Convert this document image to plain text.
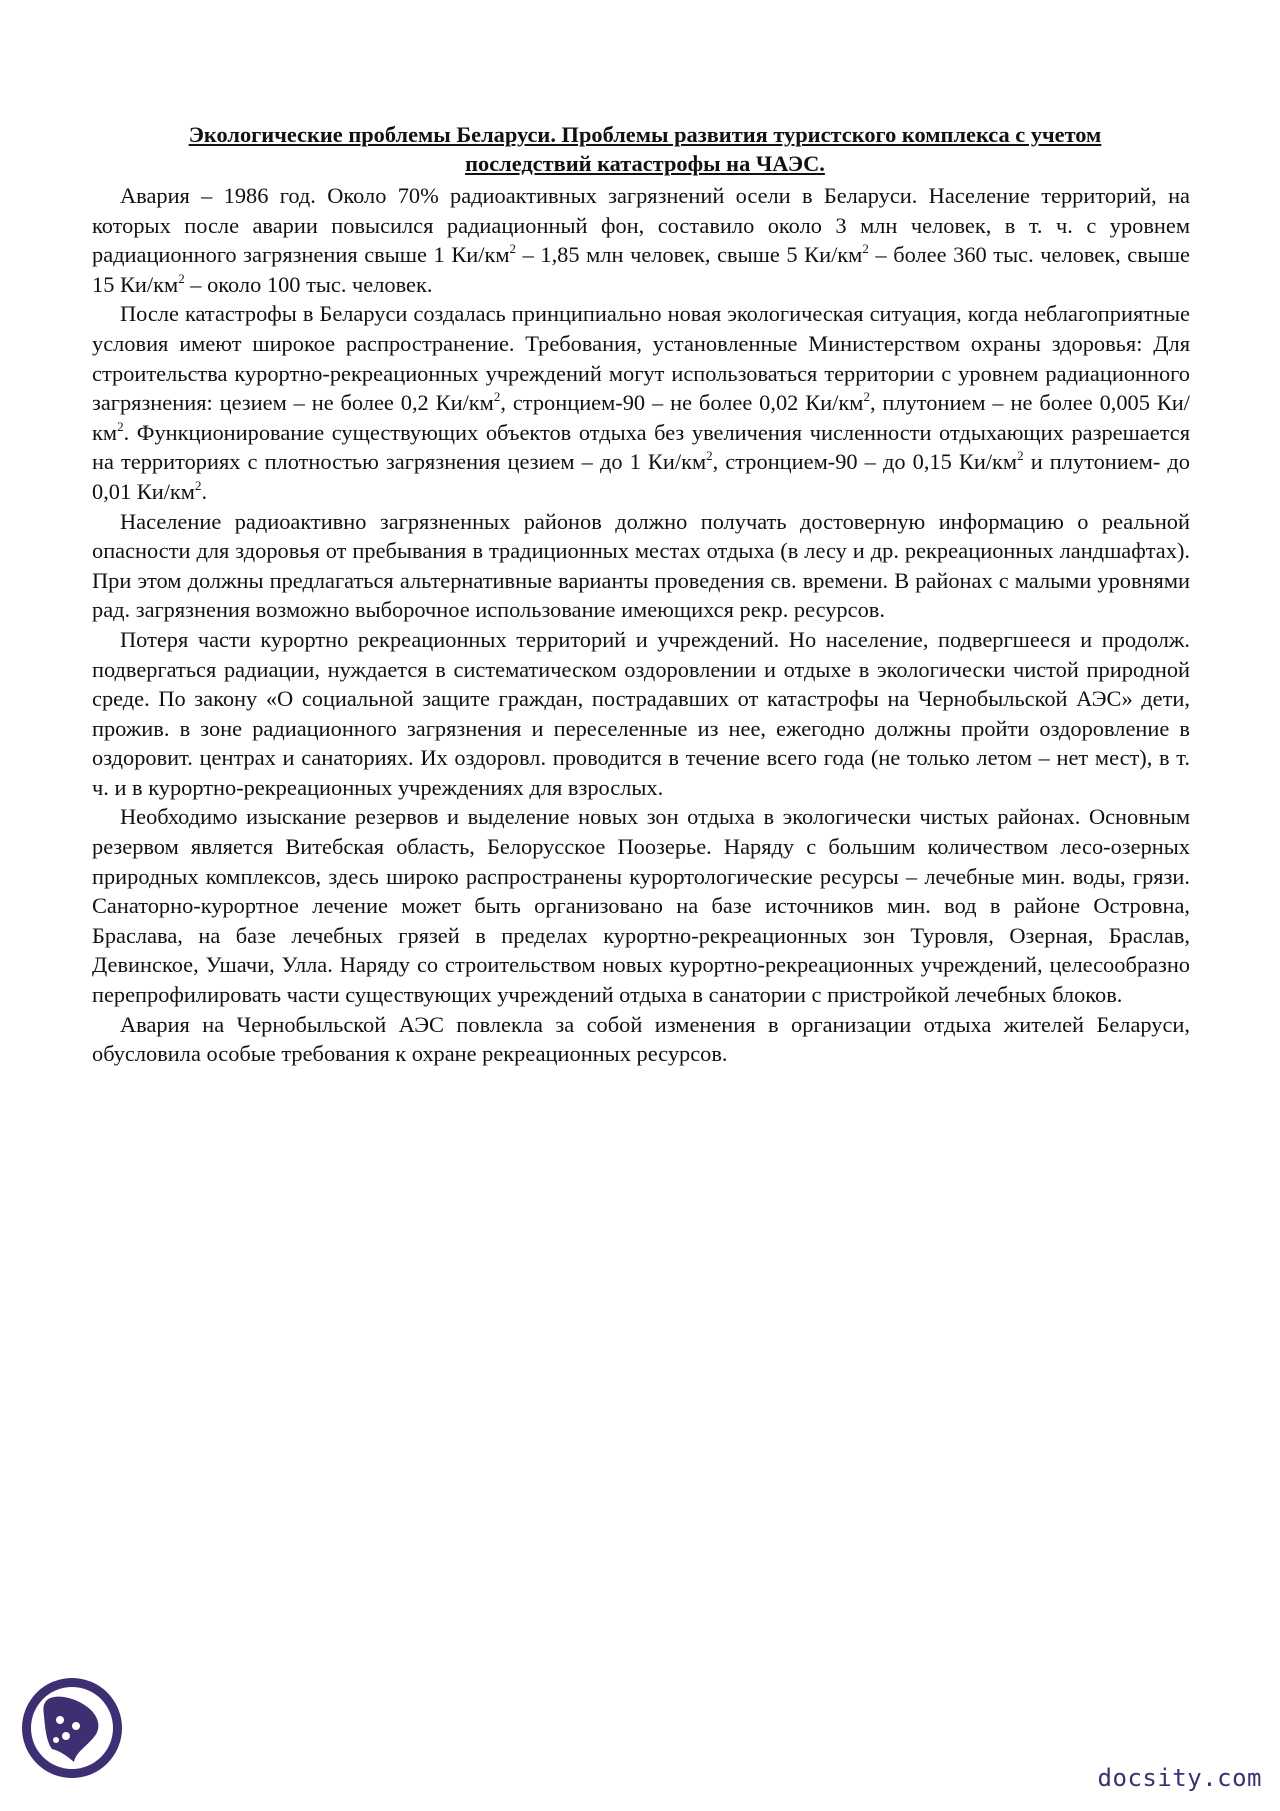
Экологические проблемы Беларуси. Проблемы развития туристского комплекса с учетом последствий катастрофы на ЧАЭС.

Авария – 1986 год. Около 70% радиоактивных загрязнений осели в Беларуси. Население территорий, на которых после аварии повысился радиационный фон, составило около 3 млн человек, в т. ч. с уровнем радиационного загрязнения свыше 1 $Ки/км^2 - 1,85$ млн человек, свыше 5 $Ки/км^2$ – более 360 тыс. человек, свыше 15 $Ки/км^2$ – около 100 тыс. человек.

После катастрофы в Беларуси создалась принципиально новая экологическая ситуация, когда неблагоприятные условия имеют широкое распространение. Требования, установленные Министерством охраны здоровья: Для строительства курортно-рекреационных учреждений могут использоваться территории с уровнем радиационного загрязнения: цезием – не более 0,2 $Ки/км^2$, стронцием-90 – не более 0,02 $Ки/км^2$, плутонием – не более 0,005 $Ки/км^2$. Функционирование существующих объектов отдыха без увеличения численности отдыхающих разрешается на территориях с плотностью загрязнения цезием – до 1 $Ки/км^2$, стронцием-90 – до 0,15 $Ки/км^2$ и плутонием- до 0,01 $Ки/км^2$.

Население радиоактивно загрязненных районов должно получать достоверную информацию о реальной опасности для здоровья от пребывания в традиционных местах отдыха (в лесу и др. рекреационных ландшафтах). При этом должны предлагаться альтернативные варианты проведения св. времени. В районах с малыми уровнями рад. загрязнения возможно выборочное использование имеющихся рекр. ресурсов.

Потеря части курортно рекреационных территорий и учреждений. Но население, подвергшееся и продолж. подвергаться радиации, нуждается в систематическом оздоровлении и отдыхе в экологически чистой природной среде. По закону «О социальной защите граждан, пострадавших от катастрофы на Чернобыльской АЭС» дети, прожив. в зоне радиационного загрязнения и переселенные из нее, ежегодно должны пройти оздоровление в оздоровит. центрах и санаториях. Их оздоровл. проводится в течение всего года (не только летом – нет мест), в т. ч. и в курортно-рекреационных учреждениях для взрослых.

Необходимо изыскание резервов и выделение новых зон отдыха в экологически чистых районах. Основным резервом является Витебская область, Белорусское Поозерье. Наряду с большим количеством лесо-озерных природных комплексов, здесь широко распространены курортологические ресурсы – лечебные мин. воды, грязи. Санаторно-курортное лечение может быть организовано на базе источников мин. вод в районе Островна, Браслава, на базе лечебных грязей в пределах курортно-рекреационных зон Туровля, Озерная, Браслав, Девинское, Ушачи, Улла. Наряду со строительством новых курортно-рекреационных учреждений, целесообразно перепрофилировать части существующих учреждений отдыха в санатории с пристройкой лечебных блоков.

Авария на Чернобыльской АЭС повлекла за собой изменения в организации отдыха жителей Беларуси, обусловила особые требования к охране рекреационных ресурсов.

docsity.com
